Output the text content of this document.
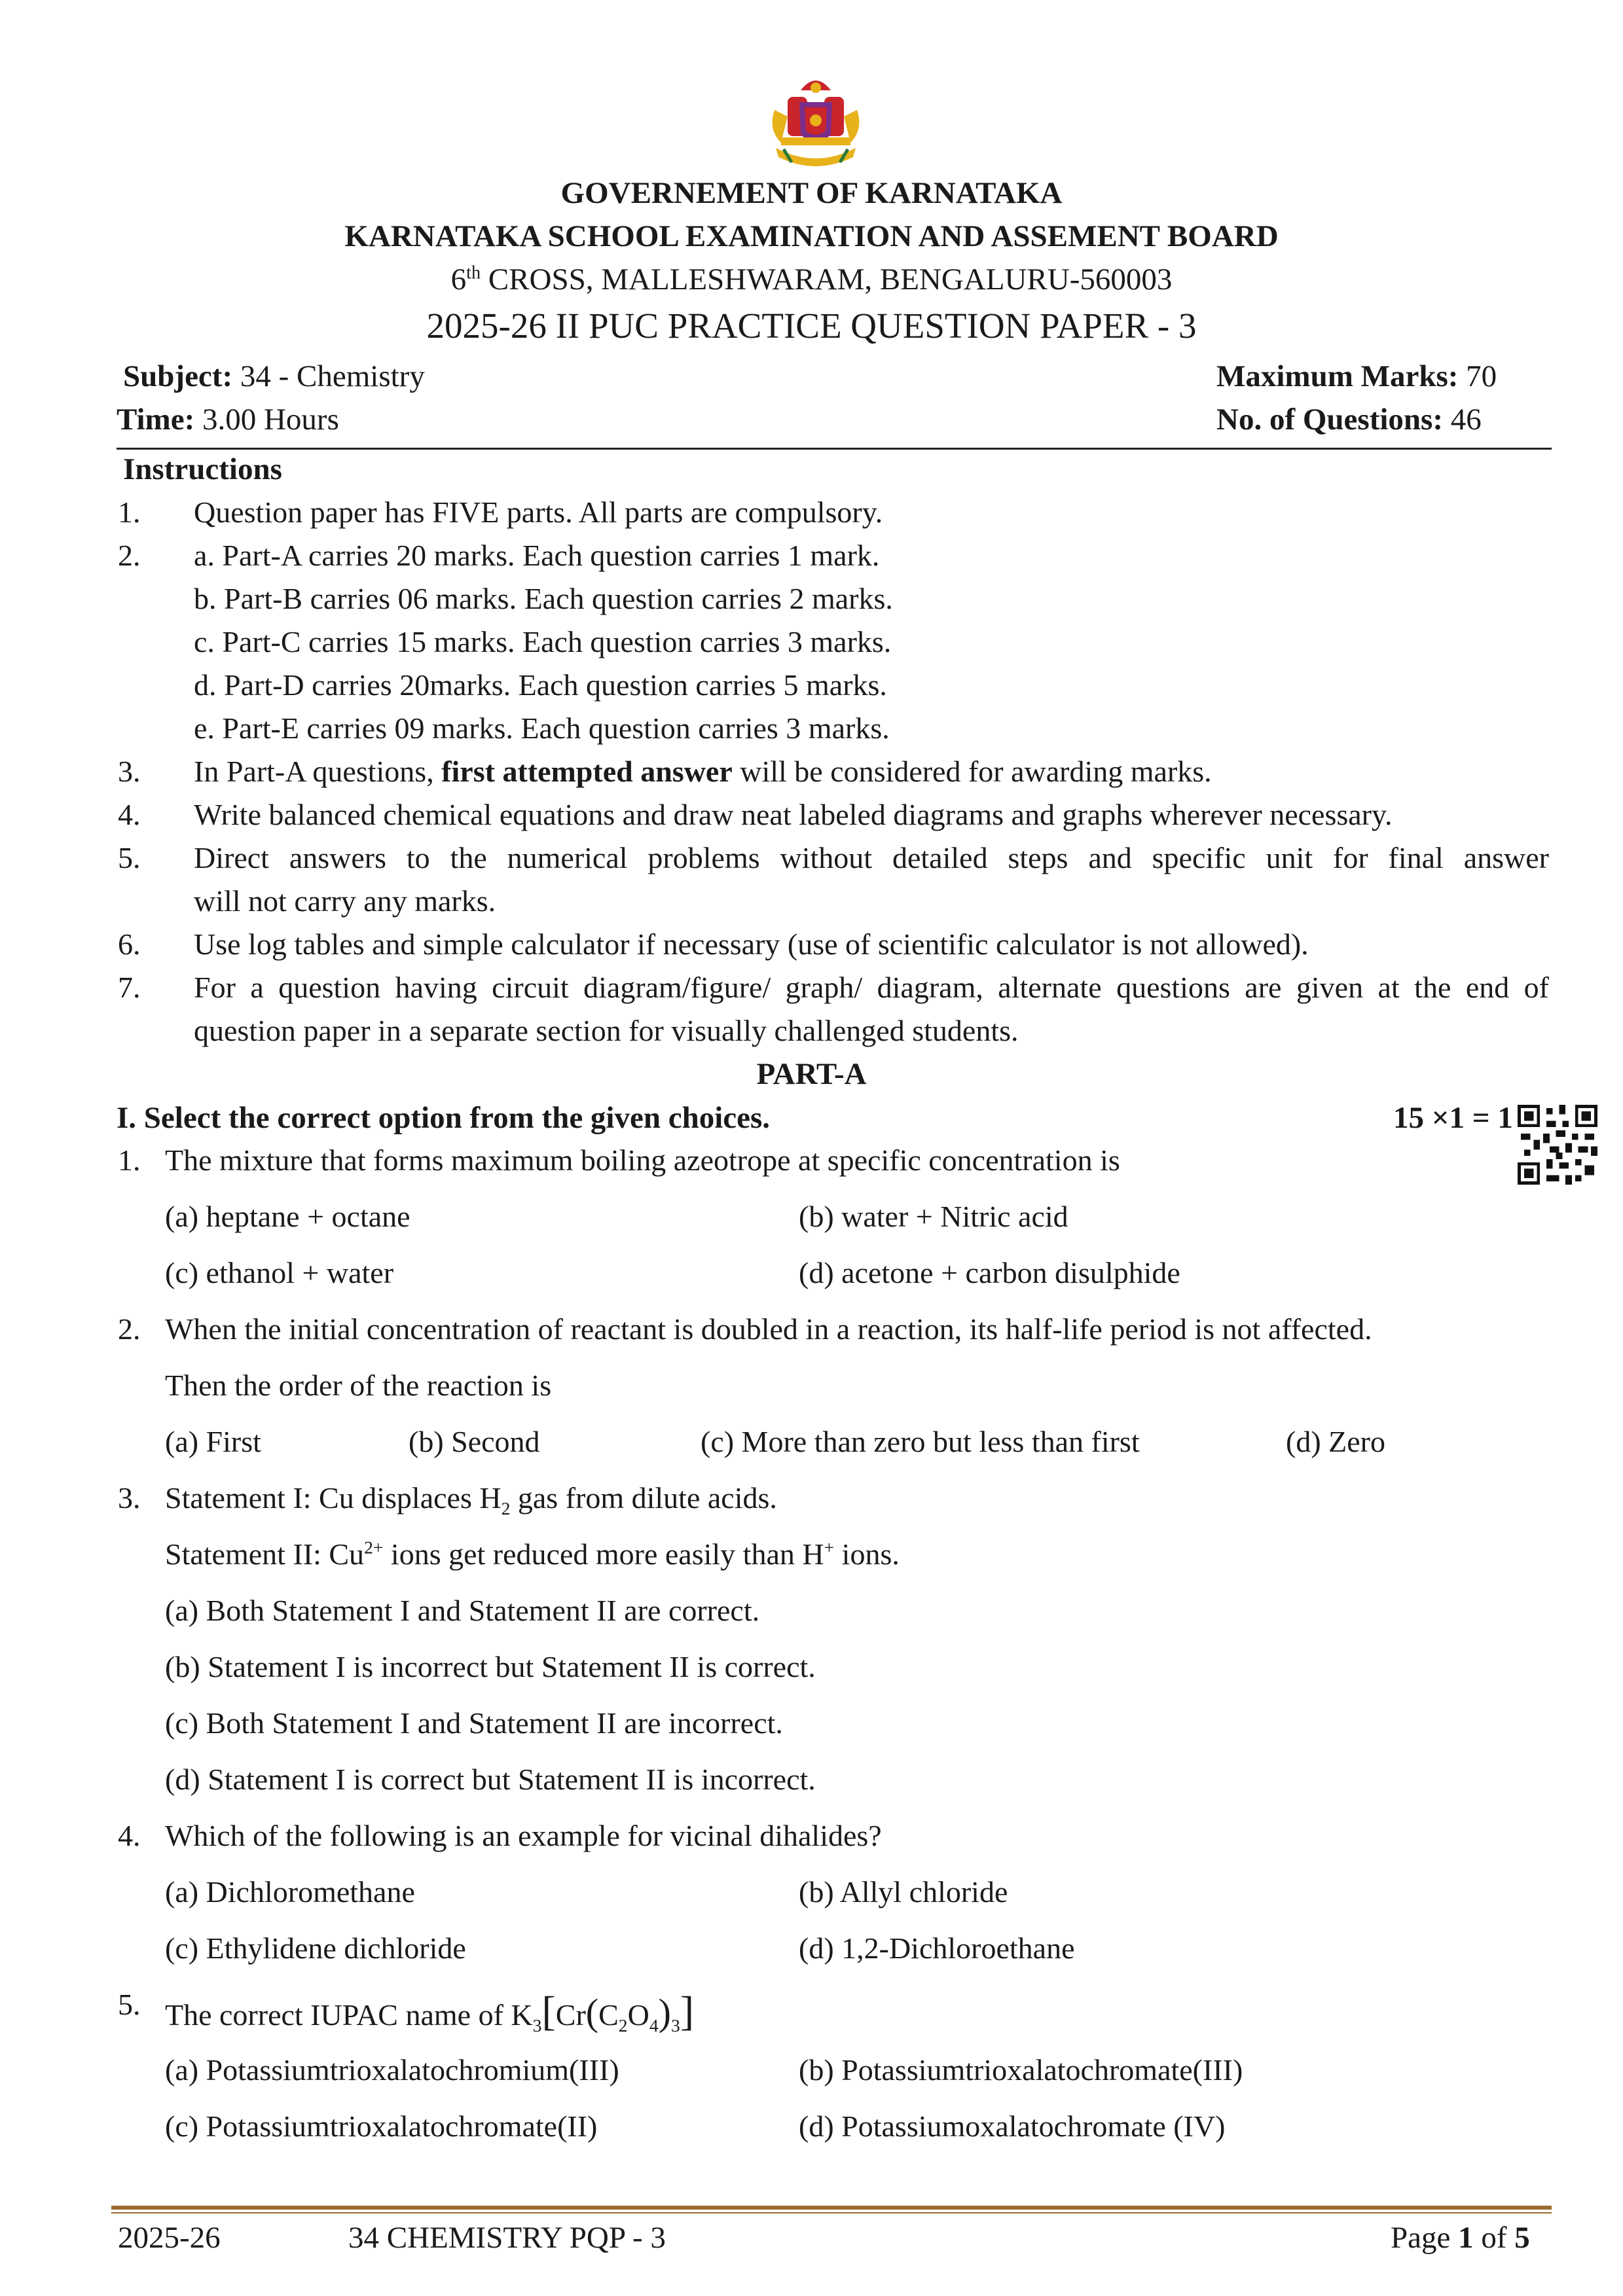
GOVERNEMENT OF KARNATAKA
KARNATAKA SCHOOL EXAMINATION AND ASSEMENT BOARD
6th CROSS, MALLESHWARAM, BENGALURU-560003
2025-26 II PUC PRACTICE QUESTION PAPER - 3
Subject: 34 - Chemistry	Maximum Marks: 70
Time: 3.00 Hours	No. of Questions: 46
Instructions
1. Question paper has FIVE parts. All parts are compulsory.
2. a. Part-A carries 20 marks. Each question carries 1 mark.
b. Part-B carries 06 marks. Each question carries 2 marks.
c. Part-C carries 15 marks. Each question carries 3 marks.
d. Part-D carries 20marks. Each question carries 5 marks.
e. Part-E carries 09 marks. Each question carries 3 marks.
3. In Part-A questions, first attempted answer will be considered for awarding marks.
4. Write balanced chemical equations and draw neat labeled diagrams and graphs wherever necessary.
5. Direct answers to the numerical problems without detailed steps and specific unit for final answer
will not carry any marks.
6. Use log tables and simple calculator if necessary (use of scientific calculator is not allowed).
7. For a question having circuit diagram/figure/ graph/ diagram, alternate questions are given at the end of
question paper in a separate section for visually challenged students.
PART-A
I. Select the correct option from the given choices.	15 ×1 = 1
1. The mixture that forms maximum boiling azeotrope at specific concentration is
(a) heptane + octane	(b) water + Nitric acid
(c) ethanol + water	(d) acetone + carbon disulphide
2. When the initial concentration of reactant is doubled in a reaction, its half-life period is not affected.
Then the order of the reaction is
(a) First	(b) Second	(c) More than zero but less than first	(d) Zero
3. Statement I: Cu displaces $H_2$ gas from dilute acids.
Statement II: $Cu^{2+}$ ions get reduced more easily than H+ ions.
(a) Both Statement I and Statement II are correct.
(b) Statement I is incorrect but Statement II is correct.
(c) Both Statement I and Statement II are incorrect.
(d) Statement I is correct but Statement II is incorrect.
4. Which of the following is an example for vicinal dihalides?
(a) Dichloromethane	(b) Allyl chloride
(c) Ethylidene dichloride	(d) 1,2-Dichloroethane
5. The correct IUPAC name of $K_3[Cr(C_2O_4)_3]$
(a) Potassiumtrioxalatochromium(III)	(b) Potassiumtrioxalatochromate(III)
(c) Potassiumtrioxalatochromate(II)	(d) Potassiumoxalatochromate (IV)
2025-26	34 CHEMISTRY PQP - 3	Page 1 of 5
